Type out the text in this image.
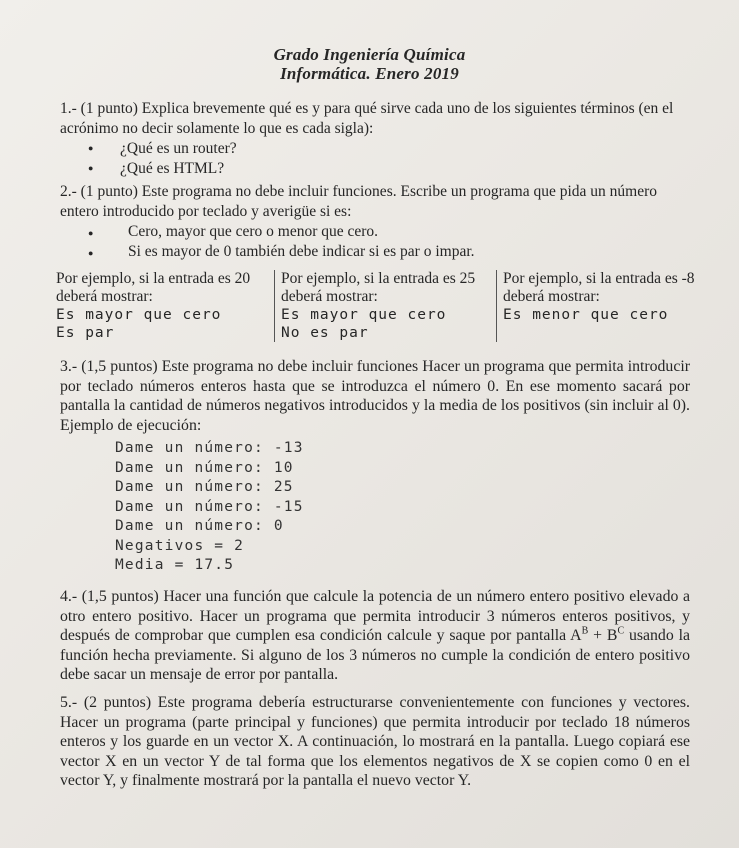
Grado Ingeniería Química
Informática. Enero 2019
1.- (1 punto) Explica brevemente qué es y para qué sirve cada uno de los siguientes términos (en el acrónimo no decir solamente lo que es cada sigla):
● ¿Qué es un router?
● ¿Qué es HTML?
2.- (1 punto) Este programa no debe incluir funciones. Escribe un programa que pida un número entero introducido por teclado y averigüe si es:
● Cero, mayor que cero o menor que cero.
● Si es mayor de 0 también debe indicar si es par o impar.
Por ejemplo, si la entrada es 20 deberá mostrar:
Es mayor que cero
Es par
Por ejemplo, si la entrada es 25 deberá mostrar:
Es mayor que cero
No es par
Por ejemplo, si la entrada es -8 deberá mostrar:
Es menor que cero
3.- (1,5 puntos) Este programa no debe incluir funciones Hacer un programa que permita introducir por teclado números enteros hasta que se introduzca el número 0. En ese momento sacará por pantalla la cantidad de números negativos introducidos y la media de los positivos (sin incluir al 0). Ejemplo de ejecución:
Dame un número: -13
Dame un número: 10
Dame un número: 25
Dame un número: -15
Dame un número: 0
Negativos = 2
Media = 17.5
4.- (1,5 puntos) Hacer una función que calcule la potencia de un número entero positivo elevado a otro entero positivo. Hacer un programa que permita introducir 3 números enteros positivos, y después de comprobar que cumplen esa condición calcule y saque por pantalla $A^B + B^C$ usando la función hecha previamente. Si alguno de los 3 números no cumple la condición de entero positivo debe sacar un mensaje de error por pantalla.
5.- (2 puntos) Este programa debería estructurarse convenientemente con funciones y vectores. Hacer un programa (parte principal y funciones) que permita introducir por teclado 18 números enteros y los guarde en un vector X. A continuación, lo mostrará en la pantalla. Luego copiará ese vector X en un vector Y de tal forma que los elementos negativos de X se copien como 0 en el vector Y, y finalmente mostrará por la pantalla el nuevo vector Y.
